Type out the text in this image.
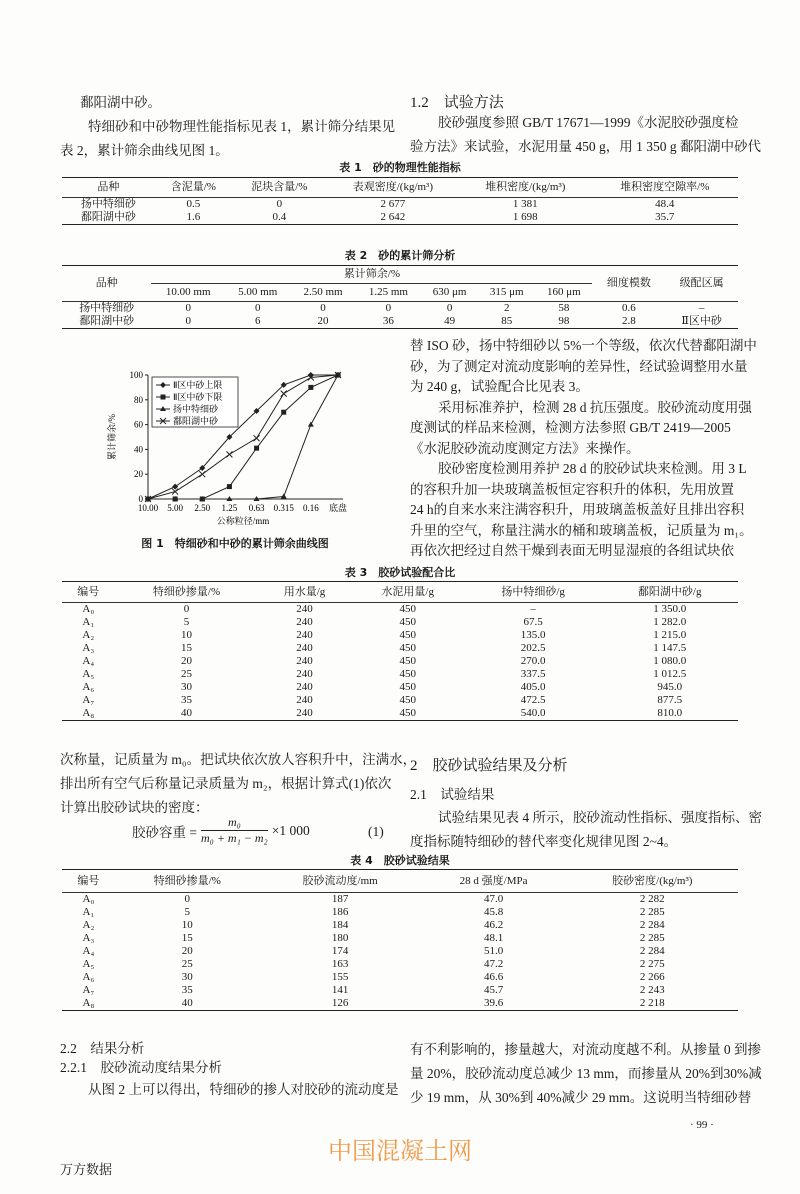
鄱阳湖中砂。
特细砂和中砂物理性能指标见表 1，累计筛分结果见
表 2，累计筛余曲线见图 1。
1.2　试验方法
胶砂强度参照 GB/T 17671—1999《水泥胶砂强度检
验方法》来试验，水泥用量 450 g，用 1 350 g 鄱阳湖中砂代
表 1　砂的物理性能指标
品种	含泥量/%	泥块含量/%	表观密度/(kg/m³)	堆积密度/(kg/m³)	堆积密度空隙率/%
扬中特细砂	0.5	0	2 677	1 381	48.4
鄱阳湖中砂	1.6	0.4	2 642	1 698	35.7
表 2　砂的累计筛分析
品种	累计筛余/%							细度模数	级配区属
	10.00 mm	5.00 mm	2.50 mm	1.25 mm	630 μm	315 μm	160 μm		
扬中特细砂	0	0	0	0	0	2	58	0.6	–
鄱阳湖中砂	0	6	20	36	49	85	98	2.8	Ⅱ区中砂
0
20
40
60
80
100
10.00 5.00 2.50 1.25 0.63 0.315 0.16 底盘
公称粒径/mm
累计筛余/%
Ⅱ区中砂上限
Ⅱ区中砂下限
扬中特细砂
鄱阳湖中砂
图 1　特细砂和中砂的累计筛余曲线图
替 ISO 砂，扬中特细砂以 5%一个等级，依次代替鄱阳湖中
砂，为了测定对流动度影响的差异性，经试验调整用水量
为 240 g，试验配合比见表 3。
采用标准养护，检测 28 d 抗压强度。胶砂流动度用强
度测试的样品来检测，检测方法参照 GB/T 2419—2005
《水泥胶砂流动度测定方法》来操作。
胶砂密度检测用养护 28 d 的胶砂试块来检测。用 3 L
的容积升加一块玻璃盖板恒定容积升的体积，先用放置
24 h的自来水来注满容积升，用玻璃盖板盖好且排出容积
升里的空气，称量注满水的桶和玻璃盖板，记质量为 m₁。
再依次把经过自然干燥到表面无明显湿痕的各组试块依
表 3　胶砂试验配合比
编号	特细砂掺量/%	用水量/g	水泥用量/g	扬中特细砂/g	鄱阳湖中砂/g
A₀	0	240	450	–	1 350.0
A₁	5	240	450	67.5	1 282.0
A₂	10	240	450	135.0	1 215.0
A₃	15	240	450	202.5	1 147.5
A₄	20	240	450	270.0	1 080.0
A₅	25	240	450	337.5	1 012.5
A₆	30	240	450	405.0	945.0
A₇	35	240	450	472.5	877.5
A₈	40	240	450	540.0	810.0
次称量，记质量为 m₀。把试块依次放人容积升中，注满水，
排出所有空气后称量记录质量为 m₂，根据计算式(1)依次
计算出胶砂试块的密度：
胶砂容重 = $\frac{\text{m₀}}{\text{m₀ + m₁ − m₂}} \times 1$ 000	(1)
2　胶砂试验结果及分析
2.1　试验结果
试验结果见表 4 所示，胶砂流动性指标、强度指标、密
度指标随特细砂的替代率变化规律见图 2~4。
表 4　胶砂试验结果
编号	特细砂掺量/%	胶砂流动度/mm	28 d 强度/MPa	胶砂密度/(kg/m³)
A₀	0	187	47.0	2 282
A₁	5	186	45.8	2 285
A₂	10	184	46.2	2 284
A₃	15	180	48.1	2 285
A₄	20	174	51.0	2 284
A₅	25	163	47.2	2 275
A₆	30	155	46.6	2 266
A₇	35	141	45.7	2 243
A₈	40	126	39.6	2 218
2.2　结果分析
2.2.1　胶砂流动度结果分析
从图 2 上可以得出，特细砂的掺人对胶砂的流动度是
有不利影响的，掺量越大，对流动度越不利。从掺量 0 到掺
量 20%，胶砂流动度总减少 13 mm，而掺量从 20%到30%减
少 19 mm，从 30%到 40%减少 29 mm。这说明当特细砂替
· 99 ·
中国混凝土网
万方数据
